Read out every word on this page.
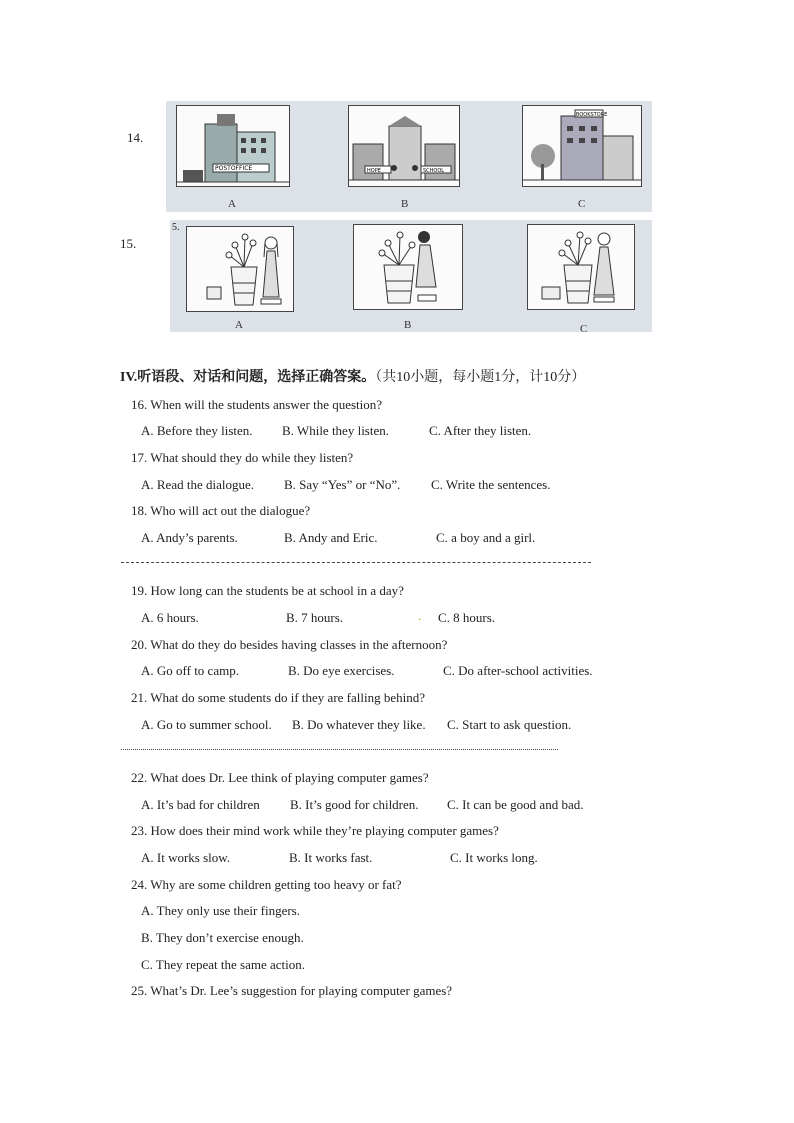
14.
POSTOFFICE
A
HOPE	SCHOOL
B
BOOKSTORE
C
15.
5.
A	B	C
IV.听语段、对话和问题，选择正确答案。（共10小题，每小题1分，计10分）
16. When will the students answer the question?
A. Before they listen. B. While they listen.	C. After they listen.
17. What should they do while they listen?
A. Read the dialogue. B. Say “Yes” or “No”. C. Write the sentences.
18. Who will act out the dialogue?
A. Andy’s parents.	B. Andy and Eric.	C. a boy and a girl.
19. How long can the students be at school in a day?
A. 6 hours.	B. 7 hours.	. C. 8 hours.
20. What do they do besides having classes in the afternoon?
A. Go off to camp.	B. Do eye exercises.	C. Do after-school activities.
21. What do some students do if they are falling behind?
A. Go to summer school. B. Do whatever they like. C. Start to ask question.
22. What does Dr. Lee think of playing computer games?
A. It’s bad for children B. It’s good for children. C. It can be good and bad.
23. How does their mind work while they’re playing computer games?
A. It works slow.	B. It works fast.	C. It works long.
24. Why are some children getting too heavy or fat?
A. They only use their fingers.
B. They don’t exercise enough.
C. They repeat the same action.
25. What’s Dr. Lee’s suggestion for playing computer games?
